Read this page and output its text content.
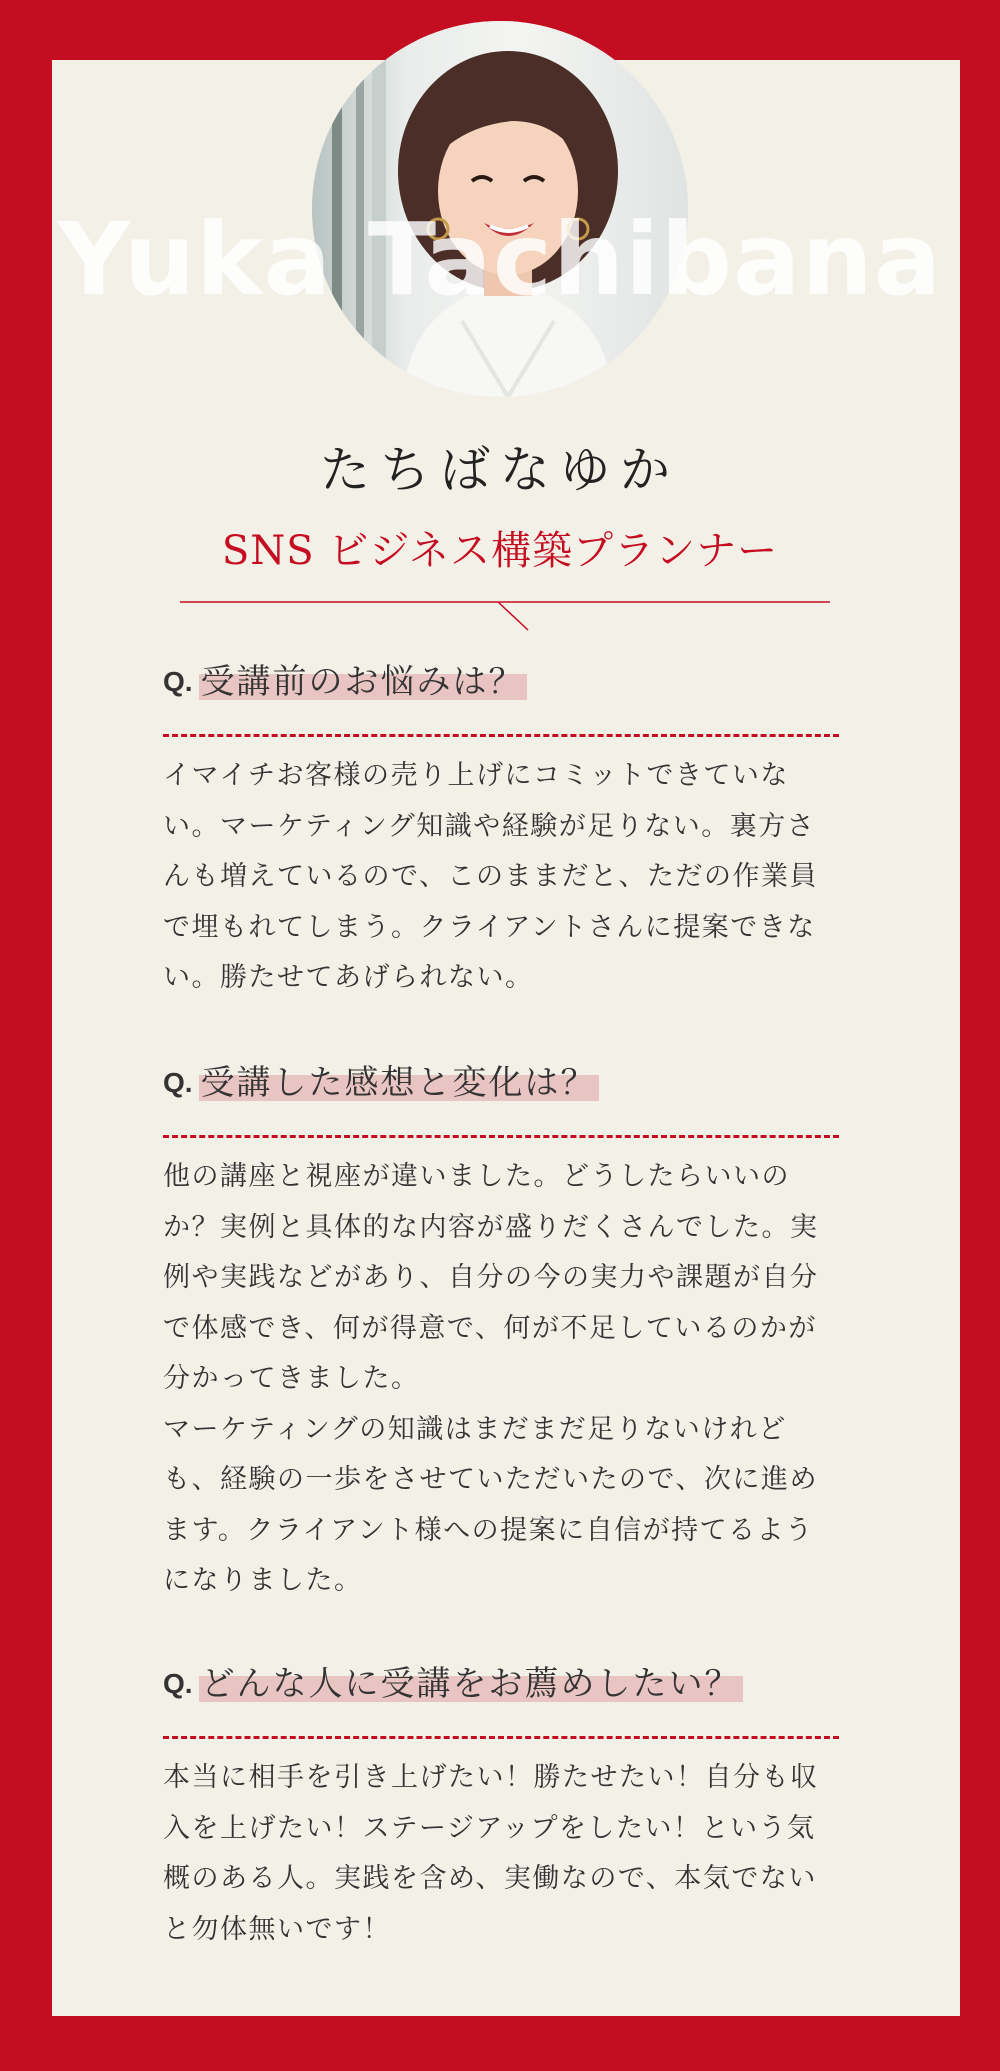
Yuka Tachibana
たちばなゆか
SNS ビジネス構築プランナー
Q. 受講前のお悩みは？

イマイチお客様の売り上げにコミットできていない。マーケティング知識や経験が足りない。裏方さんも増えているので、このままだと、ただの作業員で埋もれてしまう。クライアントさんに提案できない。勝たせてあげられない。

Q. 受講した感想と変化は？

他の講座と視座が違いました。どうしたらいいのか？実例と具体的な内容が盛りだくさんでした。実例や実践などがあり、自分の今の実力や課題が自分で体感でき、何が得意で、何が不足しているのかが分かってきました。

マーケティングの知識はまだまだ足りないけれども、経験の一歩をさせていただいたので、次に進めます。クライアント様への提案に自信が持てるようになりました。

Q. どんな人に受講をお薦めしたい？

本当に相手を引き上げたい！勝たせたい！自分も収入を上げたい！ステージアップをしたい！という気概のある人。実践を含め、実働なので、本気でないと勿体無いです！
